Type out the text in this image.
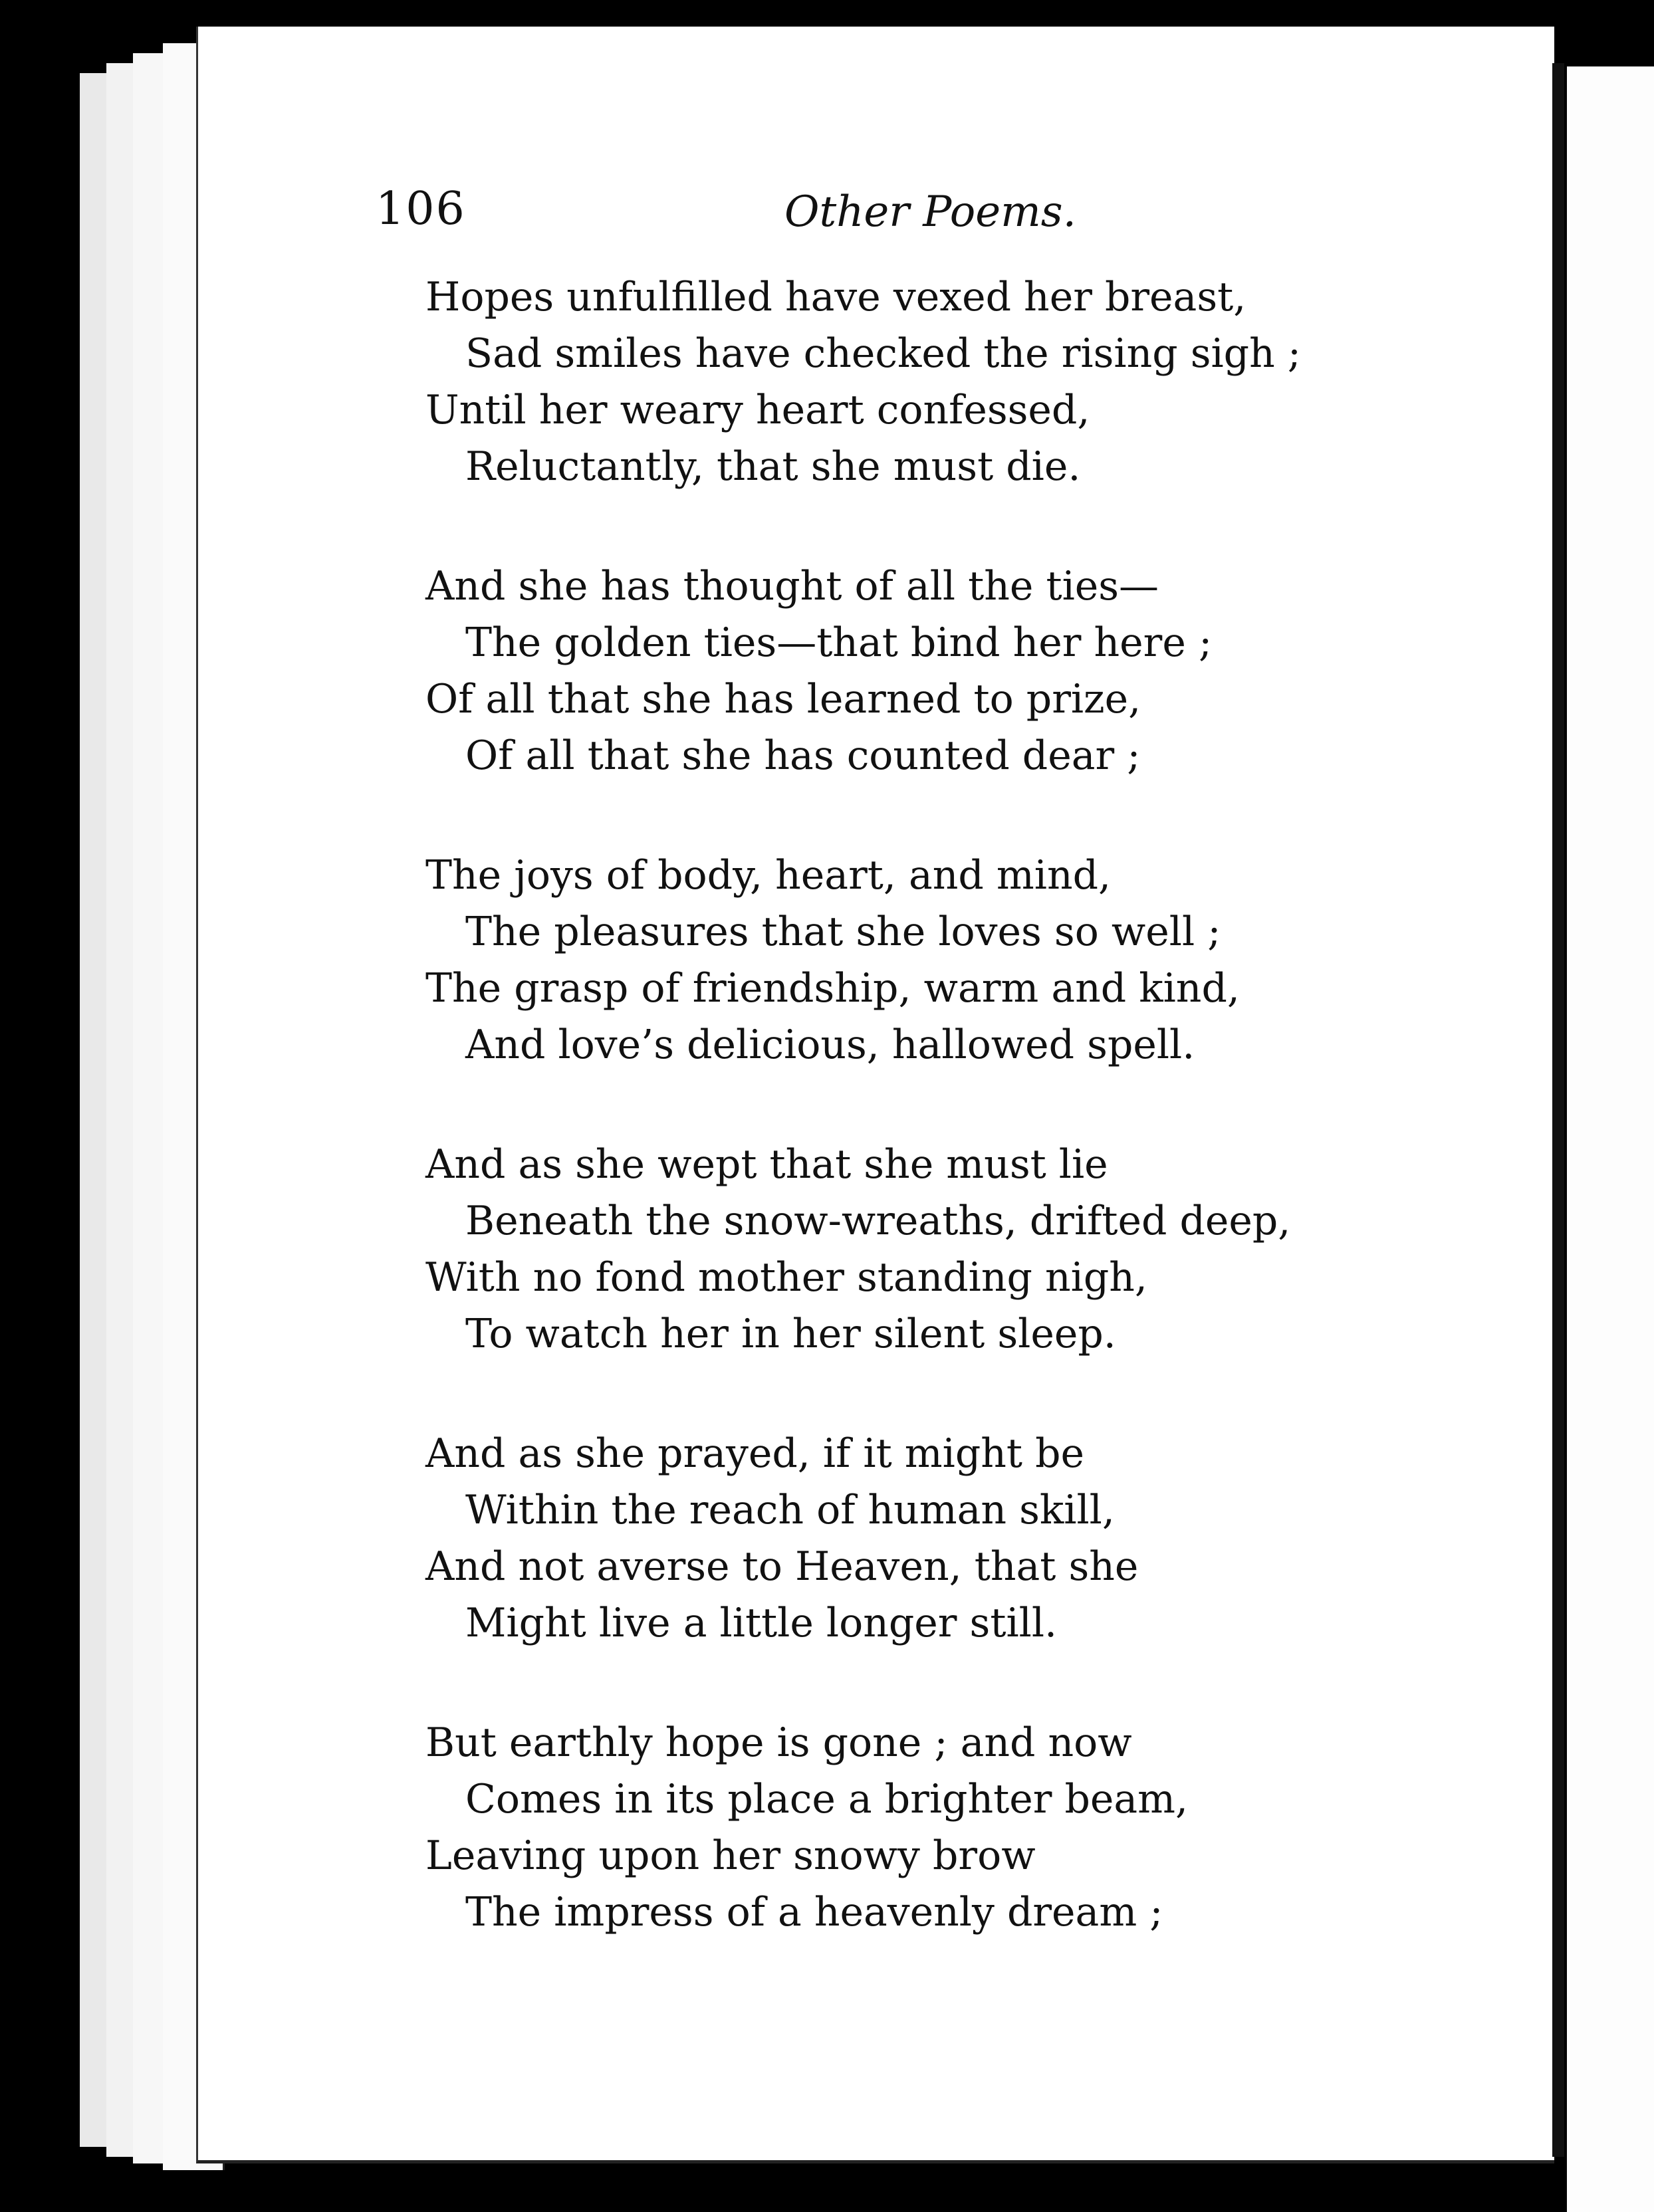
106	Other Poems.
Hopes unfulfilled have vexed her breast,
Sad smiles have checked the rising sigh ;
Until her weary heart confessed,
Reluctantly, that she must die.
And she has thought of all the ties—
The golden ties—that bind her here ;
Of all that she has learned to prize,
Of all that she has counted dear ;
The joys of body, heart, and mind,
The pleasures that she loves so well ;
The grasp of friendship, warm and kind,
And love’s delicious, hallowed spell.
And as she wept that she must lie
Beneath the snow-wreaths, drifted deep,
With no fond mother standing nigh,
To watch her in her silent sleep.
And as she prayed, if it might be
Within the reach of human skill,
And not averse to Heaven, that she
Might live a little longer still.
But earthly hope is gone ; and now
Comes in its place a brighter beam,
Leaving upon her snowy brow
The impress of a heavenly dream ;
